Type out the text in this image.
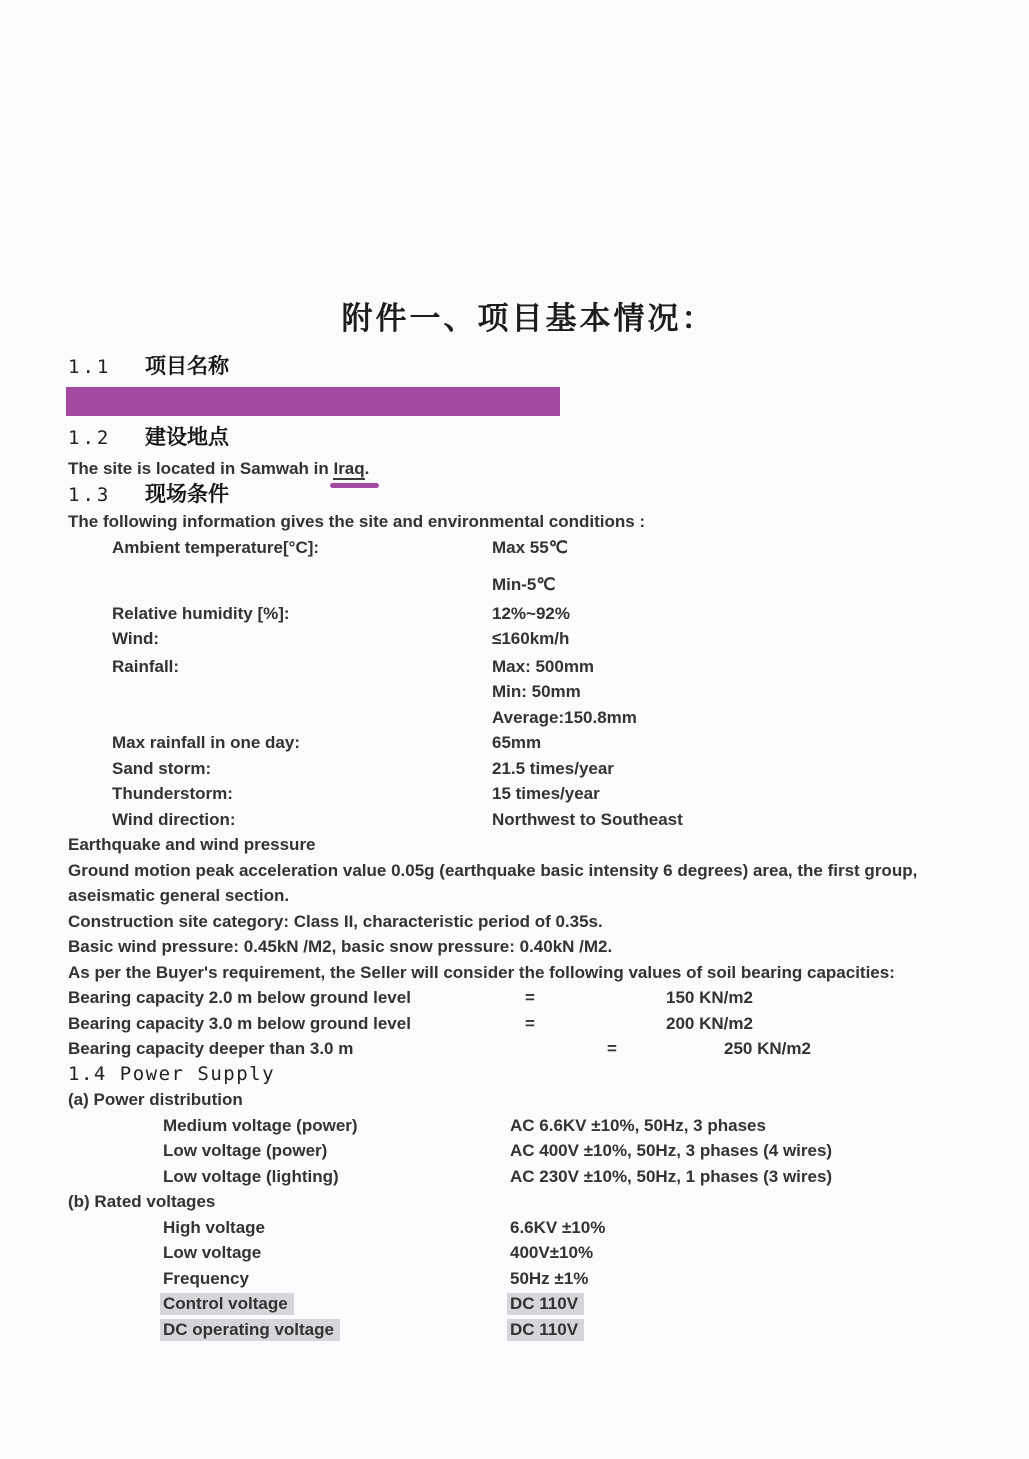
附件一、项目基本情况：
1.1 项目名称
1.2 建设地点
The site is located in Samwah in Iraq.
1.3 现场条件
The following information gives the site and environmental conditions :
Ambient temperature[°C]:	Max 55℃
Min-5℃
Relative humidity [%]:	12%~92%
Wind:	≤160km/h
Rainfall:	Max: 500mm
Min: 50mm
Average:150.8mm
Max rainfall in one day:	65mm
Sand storm:	21.5 times/year
Thunderstorm:	15 times/year
Wind direction:	Northwest to Southeast
Earthquake and wind pressure
Ground motion peak acceleration value 0.05g (earthquake basic intensity 6 degrees) area, the first group,
aseismatic general section.
Construction site category: Class II, characteristic period of 0.35s.
Basic wind pressure: 0.45kN /M2, basic snow pressure: 0.40kN /M2.
As per the Buyer's requirement, the Seller will consider the following values of soil bearing capacities:
Bearing capacity 2.0 m below ground level	=	150 KN/m2
Bearing capacity 3.0 m below ground level	=	200 KN/m2
Bearing capacity deeper than 3.0 m	=	250 KN/m2
1.4 Power Supply
(a) Power distribution
Medium voltage (power)	AC 6.6KV ±10%, 50Hz, 3 phases
Low voltage (power)	AC 400V ±10%, 50Hz, 3 phases (4 wires)
Low voltage (lighting)	AC 230V ±10%, 50Hz, 1 phases (3 wires)
(b) Rated voltages
High voltage	6.6KV ±10%
Low voltage	400V±10%
Frequency	50Hz ±1%
Control voltage	DC 110V
DC operating voltage	DC 110V
